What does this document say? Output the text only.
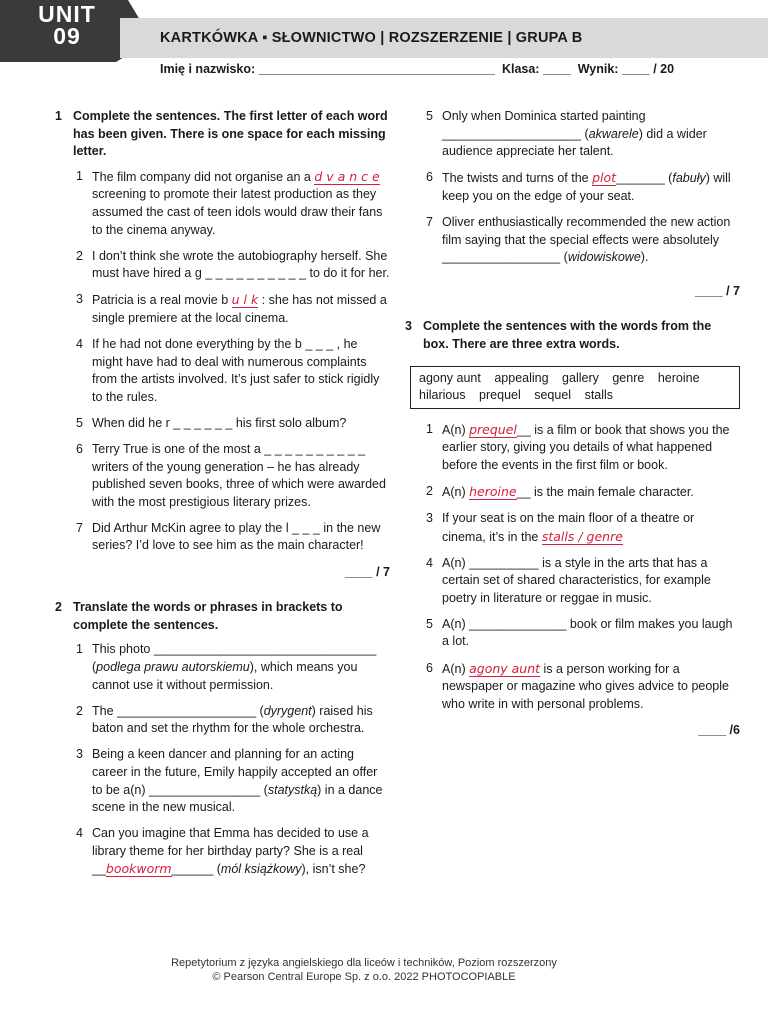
UNIT
09	KARTKÓWKA ▪ SŁOWNICTWO | ROZSZERZENIE | GRUPA B
Imię i nazwisko: __________________________________  Klasa: ____  Wynik: ____ / 20
1 Complete the sentences. The first letter of each word has been given. There is one space for each missing letter.
1 The film company did not organise an a d v a n c e screening to promote their latest production as they assumed the cast of teen idols would draw their fans to the cinema anyway.
2 I don’t think she wrote the autobiography herself. She must have hired a g _ _ _ _ _ _ _ _ _ _ to do it for her.
3 Patricia is a real movie b u l k : she has not missed a single premiere at the local cinema.
4 If he had not done everything by the b _ _ _ , he might have had to deal with numerous complaints from the artists involved. It’s just safer to stick rigidly to the rules.
5 When did he r _ _ _ _ _ _ his first solo album?
6 Terry True is one of the most a _ _ _ _ _ _ _ _ _ _ writers of the young generation – he has already published seven books, three of which were awarded with the most prestigious literary prizes.
7 Did Arthur McKin agree to play the l _ _ _ in the new series? I’d love to see him as the main character!
____ / 7
2 Translate the words or phrases in brackets to complete the sentences.
1 This photo ________________________________ (podlega prawu autorskiemu), which means you cannot use it without permission.
2 The ____________________ (dyrygent) raised his baton and set the rhythm for the whole orchestra.
3 Being a keen dancer and planning for an acting career in the future, Emily happily accepted an offer to be a(n) ________________ (statystką) in a dance scene in the new musical.
4 Can you imagine that Emma has decided to use a library theme for her birthday party? She is a real __bookworm______ (mól książkowy), isn’t she?
5 Only when Dominica started painting ____________________ (akwarele) did a wider audience appreciate her talent.
6 The twists and turns of the plot_______ (fabuły) will keep you on the edge of your seat.
7 Oliver enthusiastically recommended the new action film saying that the special effects were absolutely _________________ (widowiskowe).
____ / 7
3 Complete the sentences with the words from the box. There are three extra words.
agony aunt appealing gallery genre heroine hilarious prequel sequel stalls
1 A(n) prequel__ is a film or book that shows you the earlier story, giving you details of what happened before the events in the first film or book.
2 A(n) heroine__ is the main female character.
3 If your seat is on the main floor of a theatre or cinema, it’s in the stalls / genre
4 A(n) __________ is a style in the arts that has a certain set of shared characteristics, for example poetry in literature or reggae in music.
5 A(n) ______________ book or film makes you laugh a lot.
6 A(n) agony aunt is a person working for a newspaper or magazine who gives advice to people who write in with personal problems.
____ /6
Repetytorium z języka angielskiego dla liceów i techników, Poziom rozszerzony
© Pearson Central Europe Sp. z o.o. 2022 PHOTOCOPIABLE
